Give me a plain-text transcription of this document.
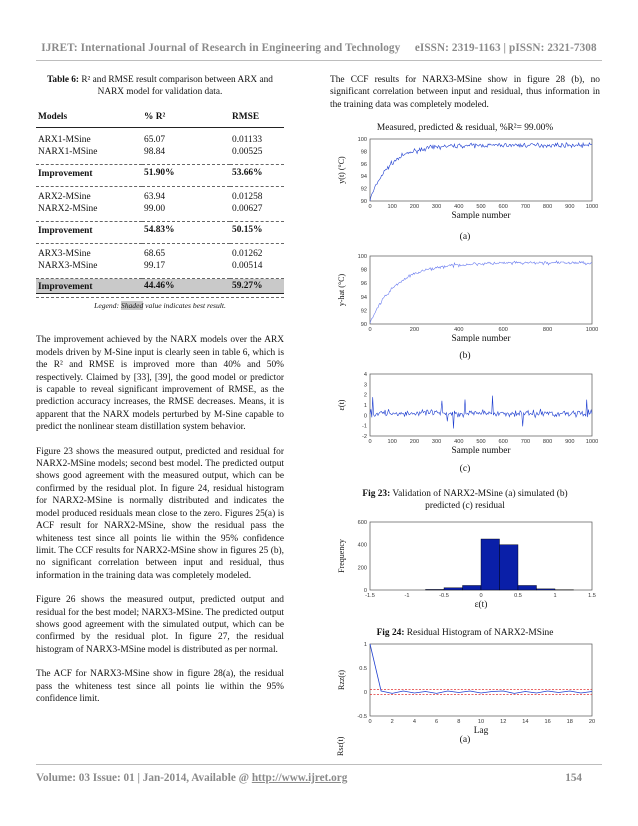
IJRET: International Journal of Research in Engineering and Technology eISSN: 2319-1163 | pISSN: 2321-7308
Table 6: R² and RMSE result comparison between ARX and NARX model for validation data.
Models	% R²	RMSE

ARX1-MSine	65.07	0.01133
NARX1-MSine	98.84	0.00525

Improvement	51.90%	53.66%

ARX2-MSine	63.94	0.01258
NARX2-MSine	99.00	0.00627

Improvement	54.83%	50.15%

ARX3-MSine	68.65	0.01262
NARX3-MSine	99.17	0.00514

Improvement	44.46%	59.27%
Legend: Shaded value indicates best result.

The improvement achieved by the NARX models over the ARX models driven by M-Sine input is clearly seen in table 6, which is the R² and RMSE is improved more than 40% and 50% respectively. Claimed by [33], [39], the good model or predictor is capable to reveal significant improvement of RMSE, as the prediction accuracy increases, the RMSE decreases. Means, it is apparent that the NARX models perturbed by M-Sine capable to predict the nonlinear steam distillation system behavior.

Figure 23 shows the measured output, predicted and residual for NARX2-MSine models; second best model. The predicted output shows good agreement with the measured output, which can be confirmed by the residual plot. In figure 24, residual histogram for NARX2-MSine is normally distributed and indicates the model produced residuals mean close to the zero. Figures 25(a) is ACF result for NARX2-MSine, show the residual pass the whiteness test since all points lie within the 95% confidence limit. The CCF results for NARX2-MSine show in figures 25 (b), no significant correlation between input and residual, thus information in the training data was completely modeled.

Figure 26 shows the measured output, predicted output and residual for the best model; NARX3-MSine. The predicted output shows good agreement with the simulated output, which can be confirmed by the residual plot. In figure 27, the residual histogram of NARX3-MSine model is distributed as per normal.

The ACF for NARX3-MSine show in figure 28(a), the residual pass the whiteness test since all points lie within the 95% confidence limit.

The CCF results for NARX3-MSine show in figure 28 (b), no significant correlation between input and residual, thus information in the training data was completely modeled.

Measured, predicted & residual, %R²= 99.00%
0	100 200 300 400 500 600 700 800 900 1000
90
92
94
96
98
100
Sample number
y(t) (°C)
(a)
0	200	400	600	800	1000
90
92
94
96
98
100
Sample number
y-hat (°C)
(b)
0	100 200 300 400 500 600 700 800 900 1000
-2
-1
0
1
2
3
4
Sample number
ε(t)
(c)
Fig 23: Validation of NARX2-MSine (a) simulated (b) predicted (c) residual
-1.5	-1	-0.5	0	0.5	1	1.5
0
200
400
600
ε(t)
Frequency
Fig 24: Residual Histogram of NARX2-MSine
0	2	4	6	8	10	12	14	16	18	20
-0.5
0
0.5
1
Lag
Rzz(t)
(a)
Volume: 03 Issue: 01 | Jan-2014, Available @ http://www.ijret.org	154
Rsε(t)
